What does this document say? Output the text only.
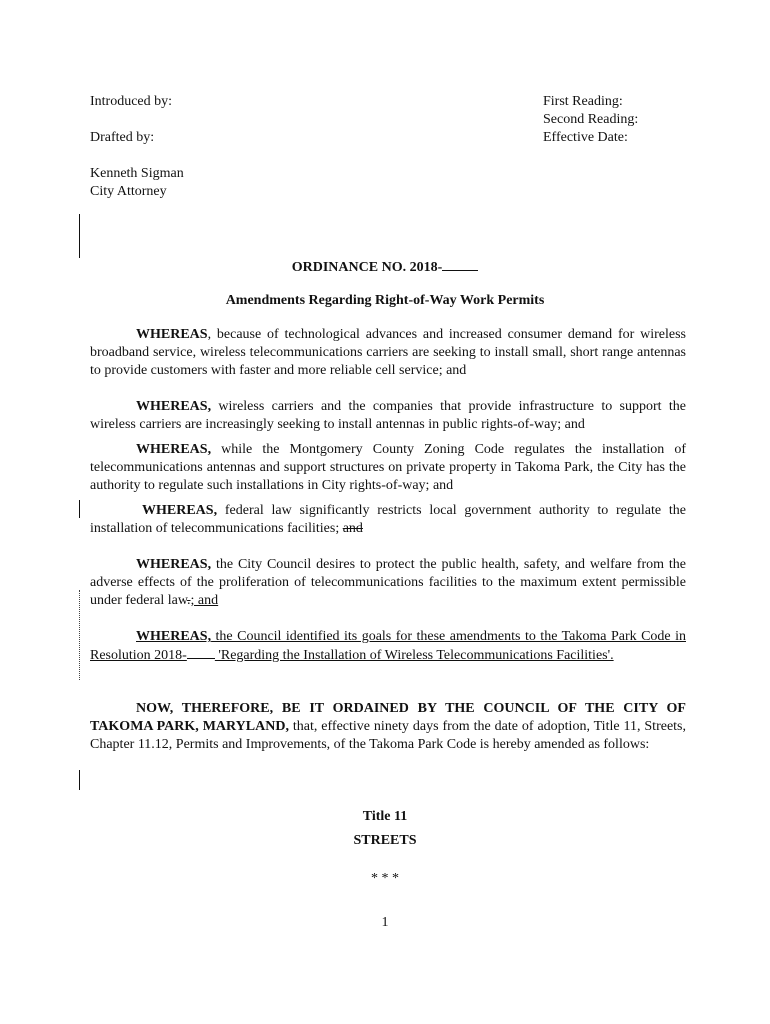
Introduced by:
Drafted by:
Kenneth Sigman
City Attorney
First Reading:
Second Reading:
Effective Date:
ORDINANCE NO. 2018-
Amendments Regarding Right-of-Way Work Permits
WHEREAS, because of technological advances and increased consumer demand for wireless broadband service, wireless telecommunications carriers are seeking to install small, short range antennas to provide customers with faster and more reliable cell service; and
WHEREAS, wireless carriers and the companies that provide infrastructure to support the wireless carriers are increasingly seeking to install antennas in public rights-of-way; and
WHEREAS, while the Montgomery County Zoning Code regulates the installation of telecommunications antennas and support structures on private property in Takoma Park, the City has the authority to regulate such installations in City rights-of-way; and
WHEREAS, federal law significantly restricts local government authority to regulate the installation of telecommunications facilities; and
WHEREAS, the City Council desires to protect the public health, safety, and welfare from the adverse effects of the proliferation of telecommunications facilities to the maximum extent permissible under federal law.; and
WHEREAS, the Council identified its goals for these amendments to the Takoma Park Code in Resolution 2018- 'Regarding the Installation of Wireless Telecommunications Facilities'.
NOW, THEREFORE, BE IT ORDAINED BY THE COUNCIL OF THE CITY OF TAKOMA PARK, MARYLAND, that, effective ninety days from the date of adoption, Title 11, Streets, Chapter 11.12, Permits and Improvements, of the Takoma Park Code is hereby amended as follows:
Title 11
STREETS
* * *
1
